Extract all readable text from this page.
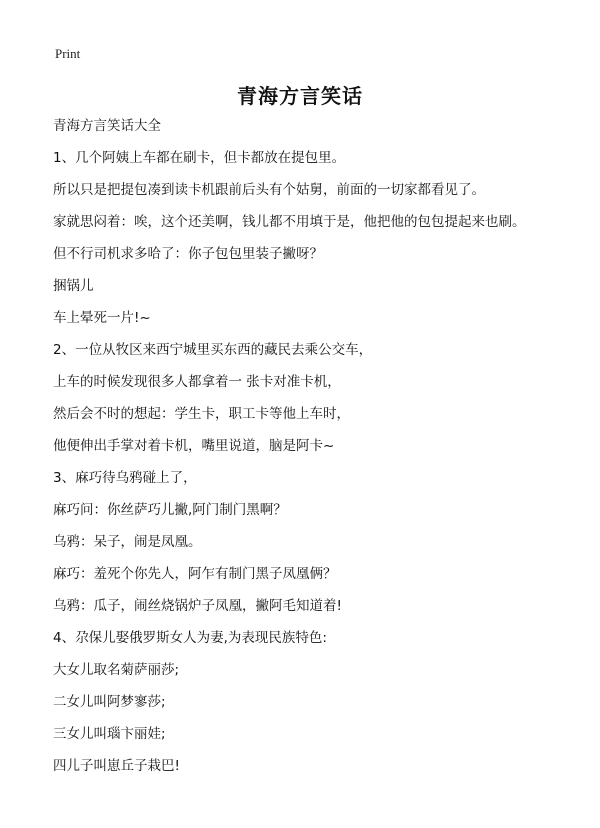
Print
青海方言笑话

青海方言笑话大全

1、几个阿姨上车都在刷卡，但卡都放在提包里。

所以只是把提包凑到读卡机跟前后头有个姑舅，前面的一切家都看见了。

家就思闷着：唉，这个还美啊，钱儿都不用填于是，他把他的包包提起来也刷。

但不行司机求多哈了：你子包包里装子撇呀？

捆锅儿

车上晕死一片!~

2、一位从牧区来西宁城里买东西的藏民去乘公交车，

上车的时候发现很多人都拿着一 张卡对准卡机，

然后会不时的想起：学生卡，职工卡等他上车时，

他便伸出手掌对着卡机，嘴里说道，脑是阿卡~

3、麻巧待乌鸦碰上了，

麻巧问：你丝萨巧儿撇,阿门制门黑啊？

乌鸦：呆子，闹是凤凰。

麻巧：羞死个你先人，阿乍有制门黑子凤凰俩？

乌鸦：瓜子，闹丝烧锅炉子凤凰，撇阿毛知道着!

4、尕保儿娶俄罗斯女人为妻,为表现民族特色:

大女儿取名菊萨丽莎;

二女儿叫阿梦寥莎;

三女儿叫瑙卞丽娃;

四儿子叫崽丘子栽巴!
